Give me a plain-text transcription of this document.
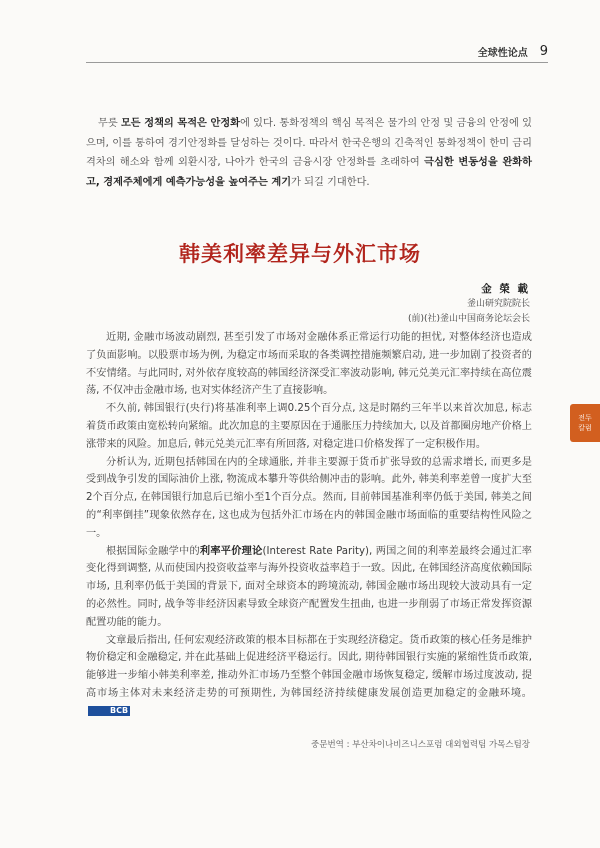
全球性论点 9
전두
칼럼
무릇 모든 정책의 목적은 안정화에 있다. 통화정책의 핵심 목적은 물가의 안정 및 금융의 안정에 있으며, 이를 통하여 경기안정화를 달성하는 것이다. 따라서 한국은행의 긴축적인 통화정책이 한미 금리격차의 해소와 함께 외환시장, 나아가 한국의 금융시장 안정화를 초래하여 극심한 변동성을 완화하고, 경제주체에게 예측가능성을 높여주는 계기가 되길 기대한다.
韩美利率差异与外汇市场
金 榮 載
釜山研究院院长
(前)(社)釜山中国商务论坛会长

近期, 金融市场波动剧烈, 甚至引发了市场对金融体系正常运行功能的担忧, 对整体经济也造成了负面影响。以股票市场为例, 为稳定市场而采取的各类调控措施频繁启动, 进一步加剧了投资者的不安情绪。与此同时, 对外依存度较高的韩国经济深受汇率波动影响, 韩元兑美元汇率持续在高位震荡, 不仅冲击金融市场, 也对实体经济产生了直接影响。

不久前, 韩国银行(央行)将基准利率上调0.25个百分点, 这是时隔约三年半以来首次加息, 标志着货币政策由宽松转向紧缩。此次加息的主要原因在于通胀压力持续加大, 以及首都圈房地产价格上涨带来的风险。加息后, 韩元兑美元汇率有所回落, 对稳定进口价格发挥了一定积极作用。

分析认为, 近期包括韩国在内的全球通胀, 并非主要源于货币扩张导致的总需求增长, 而更多是受到战争引发的国际油价上涨, 物流成本攀升等供给侧冲击的影响。此外, 韩美利率差曾一度扩大至2个百分点, 在韩国银行加息后已缩小至1个百分点。然而, 目前韩国基准利率仍低于美国, 韩美之间的“利率倒挂”现象依然存在, 这也成为包括外汇市场在内的韩国金融市场面临的重要结构性风险之一。

根据国际金融学中的利率平价理论(Interest Rate Parity), 两国之间的利率差最终会通过汇率变化得到调整, 从而使国内投资收益率与海外投资收益率趋于一致。因此, 在韩国经济高度依赖国际市场, 且利率仍低于美国的背景下, 面对全球资本的跨境流动, 韩国金融市场出现较大波动具有一定的必然性。同时, 战争等非经济因素导致全球资产配置发生扭曲, 也进一步削弱了市场正常发挥资源配置功能的能力。

文章最后指出, 任何宏观经济政策的根本目标都在于实现经济稳定。货币政策的核心任务是维护物价稳定和金融稳定, 并在此基础上促进经济平稳运行。因此, 期待韩国银行实施的紧缩性货币政策, 能够进一步缩小韩美利率差, 推动外汇市场乃至整个韩国金融市场恢复稳定, 缓解市场过度波动, 提高市场主体对未来经济走势的可预期性, 为韩国经济持续健康发展创造更加稳定的金融环境。BCB

중문번역 : 부산차이나비즈니스포럼 대외협력팀 가목스팀장
